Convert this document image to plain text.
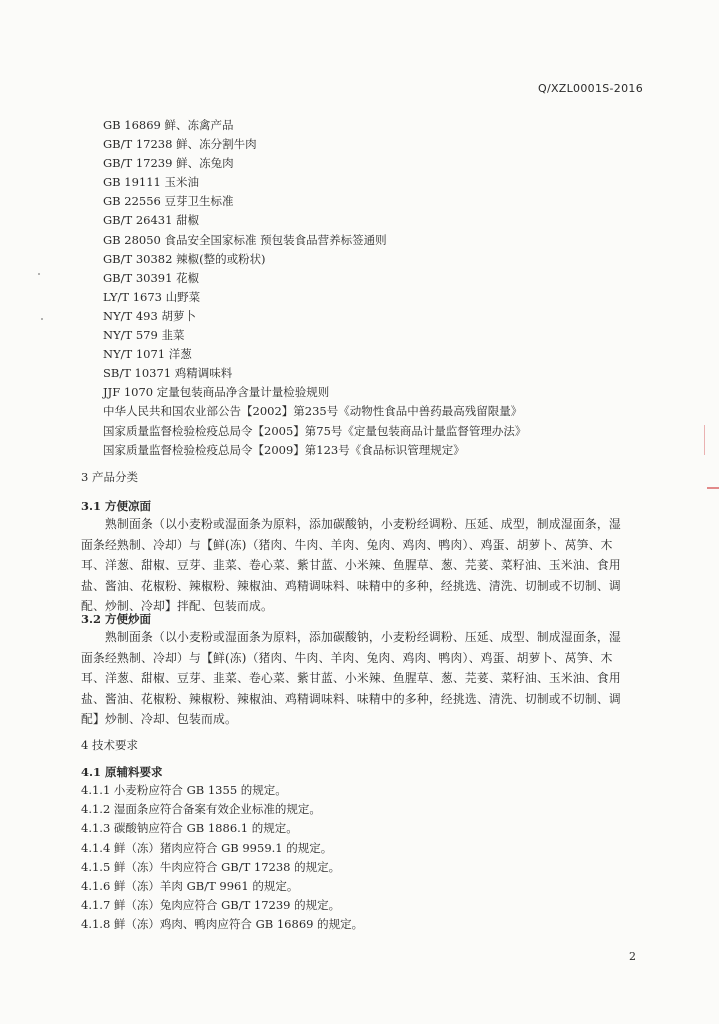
Q/XZL0001S-2016
GB 16869 鲜、冻禽产品
GB/T 17238 鲜、冻分割牛肉
GB/T 17239 鲜、冻兔肉
GB 19111 玉米油
GB 22556 豆芽卫生标准
GB/T 26431 甜椒
GB 28050 食品安全国家标准 预包装食品营养标签通则
GB/T 30382 辣椒(整的或粉状)
GB/T 30391 花椒
LY/T 1673 山野菜
NY/T 493 胡萝卜
NY/T 579 韭菜
NY/T 1071 洋葱
SB/T 10371 鸡精调味料
JJF 1070 定量包装商品净含量计量检验规则
中华人民共和国农业部公告【2002】第235号《动物性食品中兽药最高残留限量》
国家质量监督检验检疫总局令【2005】第75号《定量包装商品计量监督管理办法》
国家质量监督检验检疫总局令【2009】第123号《食品标识管理规定》
3 产品分类
3.1 方便凉面
熟制面条（以小麦粉或湿面条为原料，添加碳酸钠，小麦粉经调粉、压延、成型，制成湿面条，湿
面条经熟制、冷却）与【鲜(冻)（猪肉、牛肉、羊肉、兔肉、鸡肉、鸭肉）、鸡蛋、胡萝卜、莴笋、木
耳、洋葱、甜椒、豆芽、韭菜、卷心菜、紫甘蓝、小米辣、鱼腥草、葱、芫荽、菜籽油、玉米油、食用
盐、酱油、花椒粉、辣椒粉、辣椒油、鸡精调味料、味精中的多种，经挑选、清洗、切制或不切制、调
配、炒制、冷却】拌配、包装而成。
3.2 方便炒面
熟制面条（以小麦粉或湿面条为原料，添加碳酸钠，小麦粉经调粉、压延、成型、制成湿面条，湿
面条经熟制、冷却）与【鲜(冻)（猪肉、牛肉、羊肉、兔肉、鸡肉、鸭肉）、鸡蛋、胡萝卜、莴笋、木
耳、洋葱、甜椒、豆芽、韭菜、卷心菜、紫甘蓝、小米辣、鱼腥草、葱、芫荽、菜籽油、玉米油、食用
盐、酱油、花椒粉、辣椒粉、辣椒油、鸡精调味料、味精中的多种，经挑选、清洗、切制或不切制、调
配】炒制、冷却、包装而成。
4 技术要求
4.1 原辅料要求
4.1.1 小麦粉应符合 GB 1355 的规定。
4.1.2 湿面条应符合备案有效企业标准的规定。
4.1.3 碳酸钠应符合 GB 1886.1 的规定。
4.1.4 鲜（冻）猪肉应符合 GB 9959.1 的规定。
4.1.5 鲜（冻）牛肉应符合 GB/T 17238 的规定。
4.1.6 鲜（冻）羊肉 GB/T 9961 的规定。
4.1.7 鲜（冻）兔肉应符合 GB/T 17239 的规定。
4.1.8 鲜（冻）鸡肉、鸭肉应符合 GB 16869 的规定。
2
